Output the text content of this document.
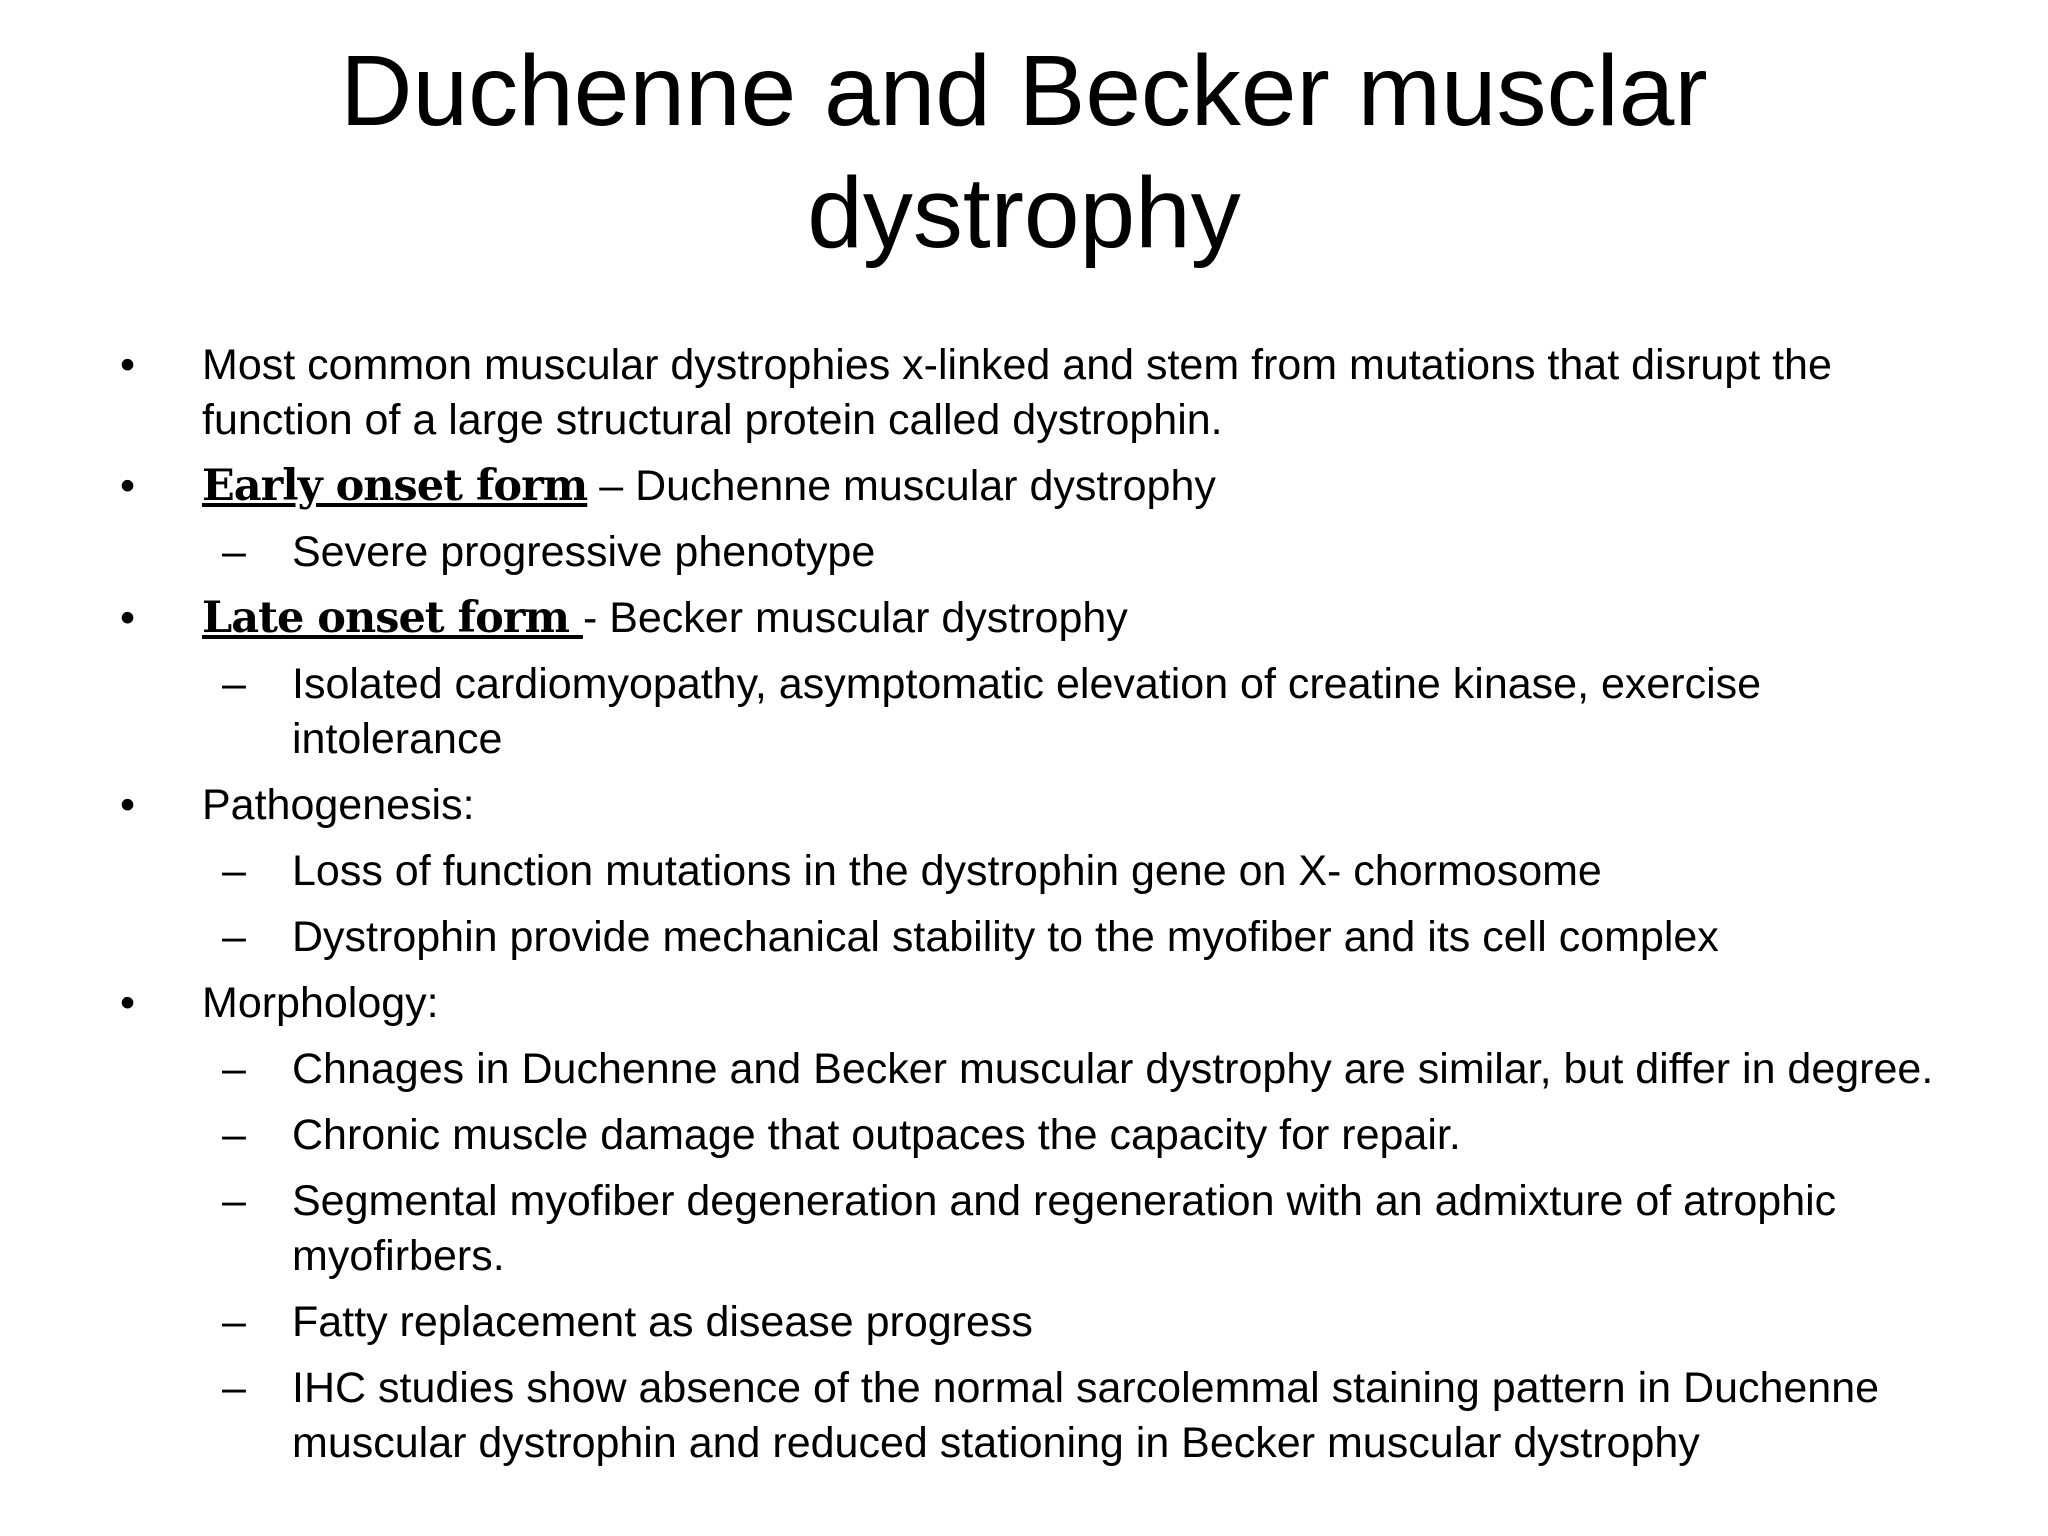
Duchenne and Becker musclar
dystrophy
• Most common muscular dystrophies x-linked and stem from mutations that disrupt the function of a large structural protein called dystrophin.
• Early onset form – Duchenne muscular dystrophy
– Severe progressive phenotype
• Late onset form - Becker muscular dystrophy
– Isolated cardiomyopathy, asymptomatic elevation of creatine kinase, exercise intolerance
• Pathogenesis:
– Loss of function mutations in the dystrophin gene on X- chormosome
– Dystrophin provide mechanical stability to the myofiber and its cell complex
• Morphology:
– Chnages in Duchenne and Becker muscular dystrophy are similar, but differ in degree.
– Chronic muscle damage that outpaces the capacity for repair.
– Segmental myofiber degeneration and regeneration with an admixture of atrophic myofirbers.
– Fatty replacement as disease progress
– IHC studies show absence of the normal sarcolemmal staining pattern in Duchenne muscular dystrophin and reduced stationing in Becker muscular dystrophy
